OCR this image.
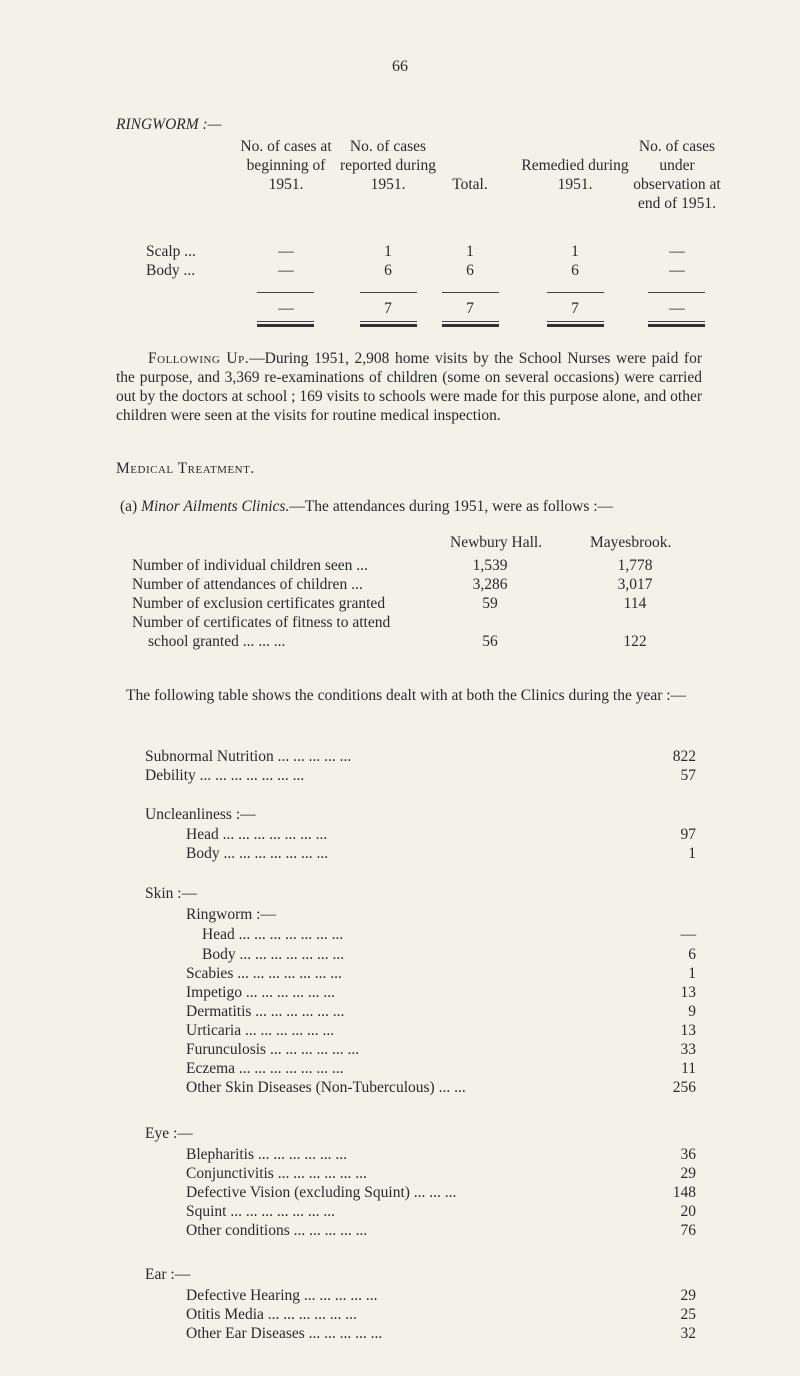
66
RINGWORM :—
No. of cases at beginning of 1951.
No. of cases reported during 1951.	Total.
Remedied during 1951.
No. of cases under observation at end of 1951.
Scalp ...	—	1	1	1	—
Body ...	—	6	6	6	—
—	7	7	7	—
Following Up.—During 1951, 2,908 home visits by the School Nurses were paid for the purpose, and 3,369 re-examinations of children (some on several occasions) were carried out by the doctors at school ; 169 visits to schools were made for this purpose alone, and other children were seen at the visits for routine medical inspection.
Medical Treatment.
(a) Minor Ailments Clinics.—The attendances during 1951, were as follows :—
Newbury Hall.	Mayesbrook.
Number of individual children seen ...	1,539	1,778
Number of attendances of children ...	3,286	3,017
Number of exclusion certificates granted	59	114
Number of certificates of fitness to attend
school granted ... ... ...	56	122
The following table shows the conditions dealt with at both the Clinics during the year :—
Subnormal Nutrition ... ... ... ... ...	822
Debility ... ... ... ... ... ... ...	57
Uncleanliness :—
Head ... ... ... ... ... ... ...	97
Body ... ... ... ... ... ... ...	1
Skin :—
Ringworm :—
Head ... ... ... ... ... ... ...	—
Body ... ... ... ... ... ... ...	6
Scabies ... ... ... ... ... ... ...	1
Impetigo ... ... ... ... ... ...	13
Dermatitis ... ... ... ... ... ...	9
Urticaria ... ... ... ... ... ...	13
Furunculosis ... ... ... ... ... ...	33
Eczema ... ... ... ... ... ... ...	11
Other Skin Diseases (Non-Tuberculous) ... ...	256
Eye :—
Blepharitis ... ... ... ... ... ...	36
Conjunctivitis ... ... ... ... ... ...	29
Defective Vision (excluding Squint) ... ... ...	148
Squint ... ... ... ... ... ... ...	20
Other conditions ... ... ... ... ...	76
Ear :—
Defective Hearing ... ... ... ... ...	29
Otitis Media ... ... ... ... ... ...	25
Other Ear Diseases ... ... ... ... ...	32
